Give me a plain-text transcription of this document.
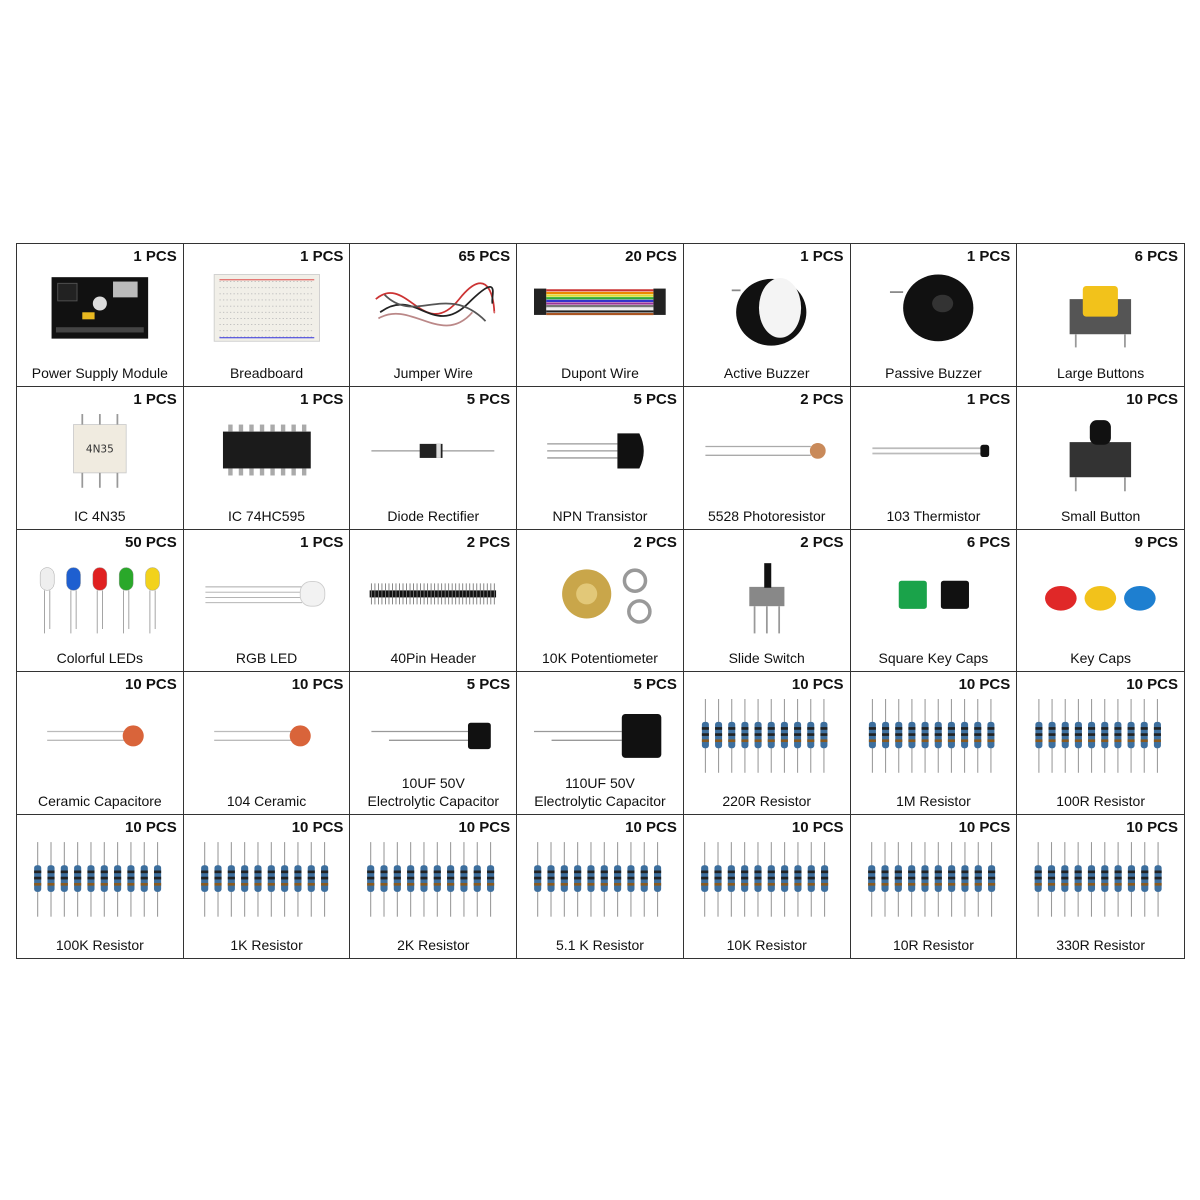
1 PCS
Power Supply Module
1 PCS
Breadboard
65 PCS
Jumper Wire
20 PCS
Dupont Wire
1 PCS
Active Buzzer
1 PCS
Passive Buzzer
6 PCS
Large Buttons
1 PCS
4N35
IC 4N35
1 PCS
IC 74HC595
5 PCS
Diode Rectifier
5 PCS
NPN Transistor
2 PCS
5528 Photoresistor
1 PCS
103 Thermistor
10 PCS
Small Button
50 PCS
Colorful LEDs
1 PCS
RGB LED
2 PCS
40Pin Header
2 PCS
10K Potentiometer
2 PCS
Slide Switch
6 PCS
Square Key Caps
9 PCS
Key Caps
10 PCS
Ceramic Capacitore
10 PCS
104 Ceramic
5 PCS
10UF 50V
Electrolytic Capacitor
5 PCS
110UF 50V
Electrolytic Capacitor
10 PCS
220R Resistor
10 PCS
1M Resistor
10 PCS
100R Resistor
10 PCS
100K Resistor
10 PCS
1K Resistor
10 PCS
2K Resistor
10 PCS
5.1 K Resistor
10 PCS
10K Resistor
10 PCS
10R Resistor
10 PCS
330R Resistor
